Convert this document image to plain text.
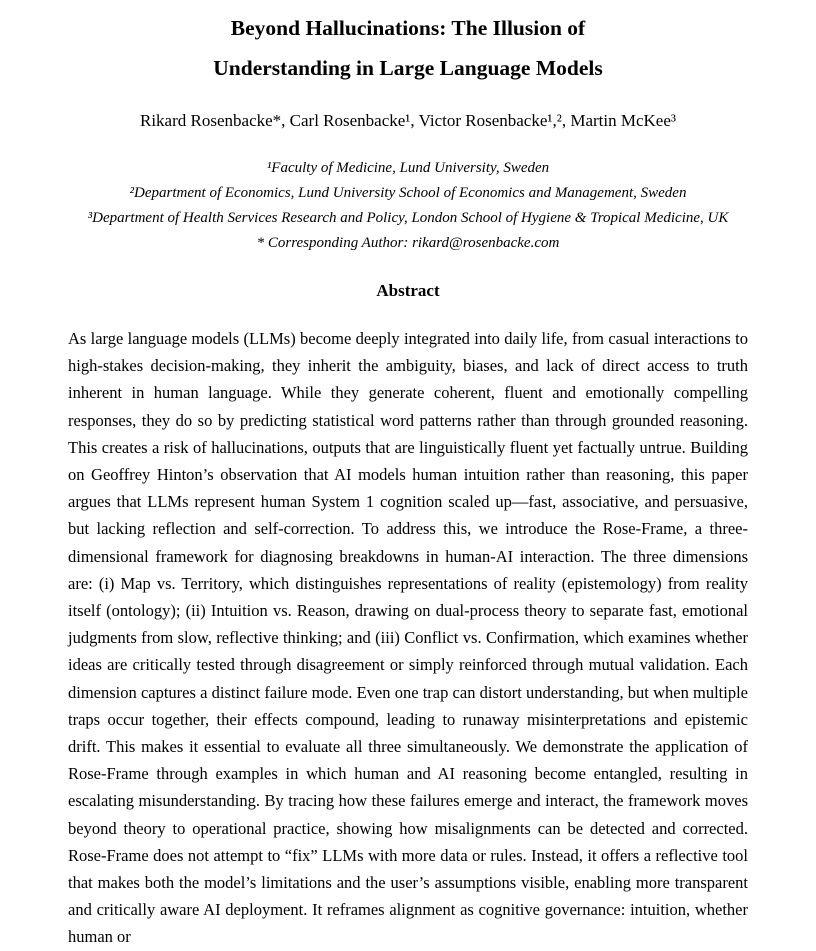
Beyond Hallucinations: The Illusion of
Understanding in Large Language Models
Rikard Rosenbacke*, Carl Rosenbacke¹, Victor Rosenbacke¹,², Martin McKee³
¹Faculty of Medicine, Lund University, Sweden
²Department of Economics, Lund University School of Economics and Management, Sweden
³Department of Health Services Research and Policy, London School of Hygiene & Tropical Medicine, UK
* Corresponding Author: rikard@rosenbacke.com
Abstract

As large language models (LLMs) become deeply integrated into daily life, from casual interactions to high-stakes decision-making, they inherit the ambiguity, biases, and lack of direct access to truth inherent in human language. While they generate coherent, fluent and emotionally compelling responses, they do so by predicting statistical word patterns rather than through grounded reasoning. This creates a risk of hallucinations, outputs that are linguistically fluent yet factually untrue. Building on Geoffrey Hinton’s observation that AI models human intuition rather than reasoning, this paper argues that LLMs represent human System 1 cognition scaled up—fast, associative, and persuasive, but lacking reflection and self-correction. To address this, we introduce the Rose-Frame, a three-dimensional framework for diagnosing breakdowns in human-AI interaction. The three dimensions are: (i) Map vs. Territory, which distinguishes representations of reality (epistemology) from reality itself (ontology); (ii) Intuition vs. Reason, drawing on dual-process theory to separate fast, emotional judgments from slow, reflective thinking; and (iii) Conflict vs. Confirmation, which examines whether ideas are critically tested through disagreement or simply reinforced through mutual validation. Each dimension captures a distinct failure mode. Even one trap can distort understanding, but when multiple traps occur together, their effects compound, leading to runaway misinterpretations and epistemic drift. This makes it essential to evaluate all three simultaneously. We demonstrate the application of Rose-Frame through examples in which human and AI reasoning become entangled, resulting in escalating misunderstanding. By tracing how these failures emerge and interact, the framework moves beyond theory to operational practice, showing how misalignments can be detected and corrected. Rose-Frame does not attempt to “fix” LLMs with more data or rules. Instead, it offers a reflective tool that makes both the model’s limitations and the user’s assumptions visible, enabling more transparent and critically aware AI deployment. It reframes alignment as cognitive governance: intuition, whether human or
